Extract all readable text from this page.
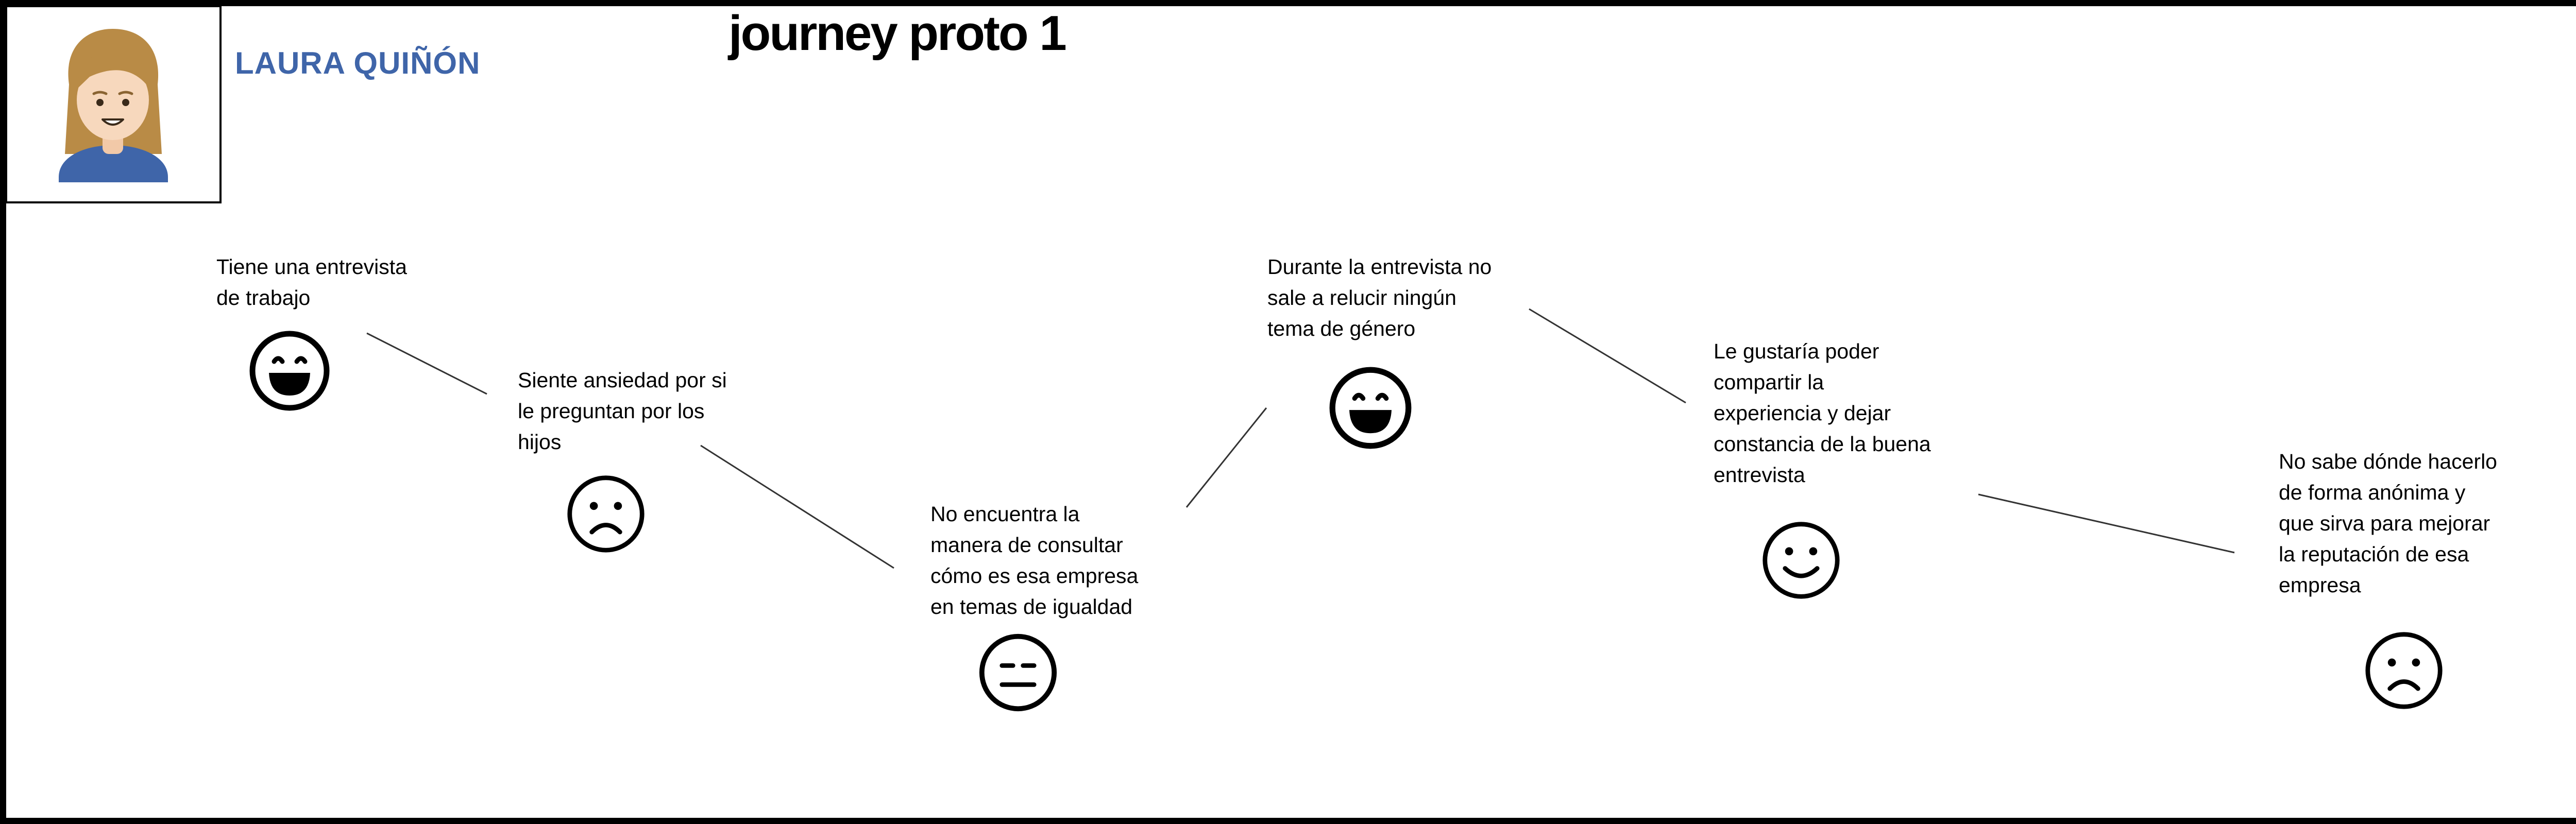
LAURA QUIÑÓN
journey proto 1
Tiene una entrevista
de trabajo
Siente ansiedad por si
le preguntan por los
hijos
No encuentra la
manera de consultar
cómo es esa empresa
en temas de igualdad
Durante la entrevista no
sale a relucir ningún
tema de género
Le gustaría poder
compartir la
experiencia y dejar
constancia de la buena
entrevista
No sabe dónde hacerlo
de forma anónima y
que sirva para mejorar
la reputación de esa
empresa
